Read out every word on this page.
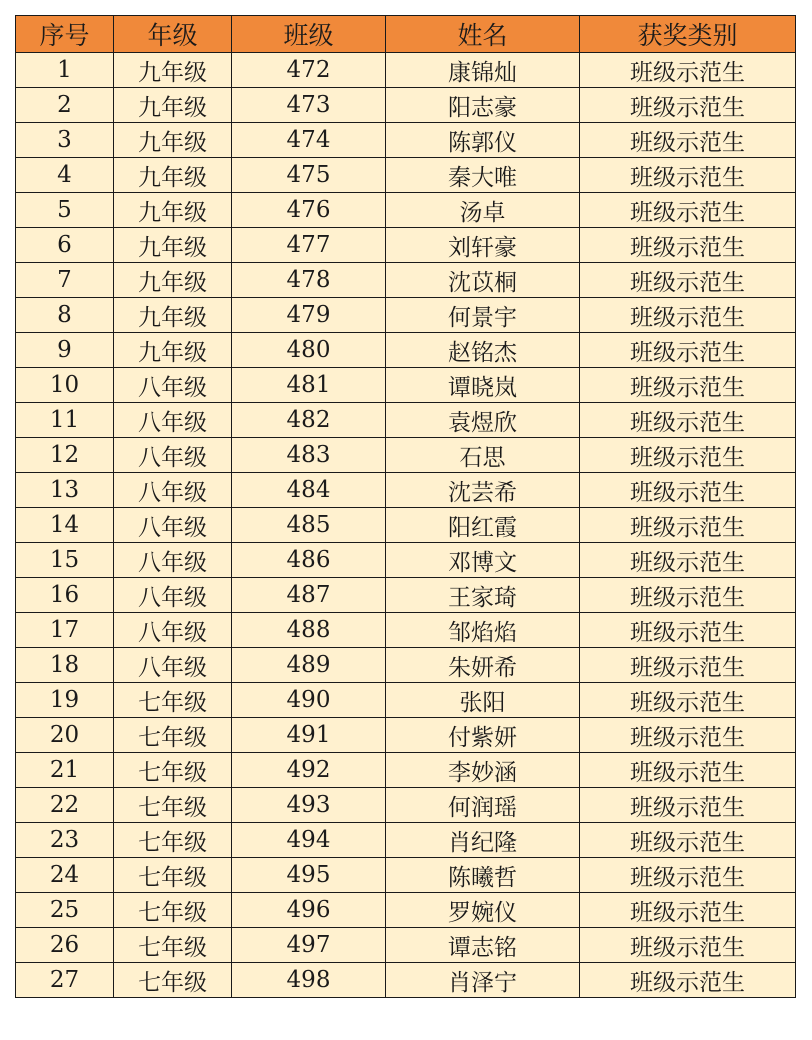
序号	年级	班级	姓名	获奖类别
1	九年级	472	康锦灿	班级示范生
2	九年级	473	阳志豪	班级示范生
3	九年级	474	陈郭仪	班级示范生
4	九年级	475	秦大唯	班级示范生
5	九年级	476	汤卓	班级示范生
6	九年级	477	刘轩豪	班级示范生
7	九年级	478	沈苡桐	班级示范生
8	九年级	479	何景宇	班级示范生
9	九年级	480	赵铭杰	班级示范生
10	八年级	481	谭晓岚	班级示范生
11	八年级	482	袁煜欣	班级示范生
12	八年级	483	石思	班级示范生
13	八年级	484	沈芸希	班级示范生
14	八年级	485	阳红霞	班级示范生
15	八年级	486	邓博文	班级示范生
16	八年级	487	王家琦	班级示范生
17	八年级	488	邹焰焰	班级示范生
18	八年级	489	朱妍希	班级示范生
19	七年级	490	张阳	班级示范生
20	七年级	491	付紫妍	班级示范生
21	七年级	492	李妙涵	班级示范生
22	七年级	493	何润瑶	班级示范生
23	七年级	494	肖纪隆	班级示范生
24	七年级	495	陈曦哲	班级示范生
25	七年级	496	罗婉仪	班级示范生
26	七年级	497	谭志铭	班级示范生
27	七年级	498	肖泽宁	班级示范生
